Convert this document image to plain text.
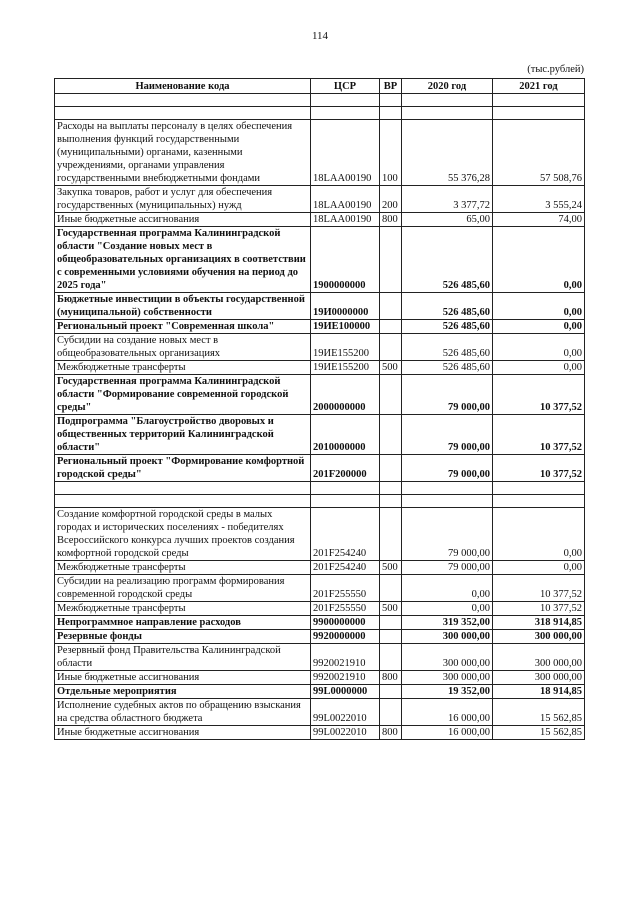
114
(тыс.рублей)
Наименование кода	ЦСР	ВР	2020 год	2021 год

Расходы на выплаты персоналу в целях обеспечения выполнения функций государственными (муниципальными) органами, казенными учреждениями, органами управления государственными внебюджетными фондами	18LAA00190	100	55 376,28	57 508,76
Закупка товаров, работ и услуг для обеспечения государственных (муниципальных) нужд	18LAA00190	200	3 377,72	3 555,24
Иные бюджетные ассигнования	18LAA00190	800	65,00	74,00
Государственная программа Калининградской области "Создание новых мест в общеобразовательных организациях в соответствии с современными условиями обучения на период до 2025 года"	1900000000		526 485,60	0,00
Бюджетные инвестиции в объекты государственной (муниципальной) собственности	19И0000000		526 485,60	0,00
Региональный проект "Современная школа"	19ИЕ100000		526 485,60	0,00
Субсидии на создание новых мест в общеобразовательных организациях	19ИЕ155200		526 485,60	0,00
Межбюджетные трансферты	19ИЕ155200	500	526 485,60	0,00
Государственная программа Калининградской области "Формирование современной городской среды"	2000000000		79 000,00	10 377,52
Подпрограмма "Благоустройство дворовых и общественных территорий Калининградской области"	2010000000		79 000,00	10 377,52
Региональный проект "Формирование комфортной городской среды"	201F200000		79 000,00	10 377,52

Создание комфортной городской среды в малых городах и исторических поселениях - победителях Всероссийского конкурса лучших проектов создания комфортной городской среды	201F254240		79 000,00	0,00
Межбюджетные трансферты	201F254240	500	79 000,00	0,00
Субсидии на реализацию программ формирования современной городской среды	201F255550		0,00	10 377,52
Межбюджетные трансферты	201F255550	500	0,00	10 377,52
Непрограммное направление расходов	9900000000		319 352,00	318 914,85
Резервные фонды	9920000000		300 000,00	300 000,00
Резервный фонд Правительства Калининградской области	9920021910		300 000,00	300 000,00
Иные бюджетные ассигнования	9920021910	800	300 000,00	300 000,00
Отдельные мероприятия	99L0000000		19 352,00	18 914,85
Исполнение судебных актов по обращению взыскания на средства областного бюджета	99L0022010		16 000,00	15 562,85
Иные бюджетные ассигнования	99L0022010	800	16 000,00	15 562,85
